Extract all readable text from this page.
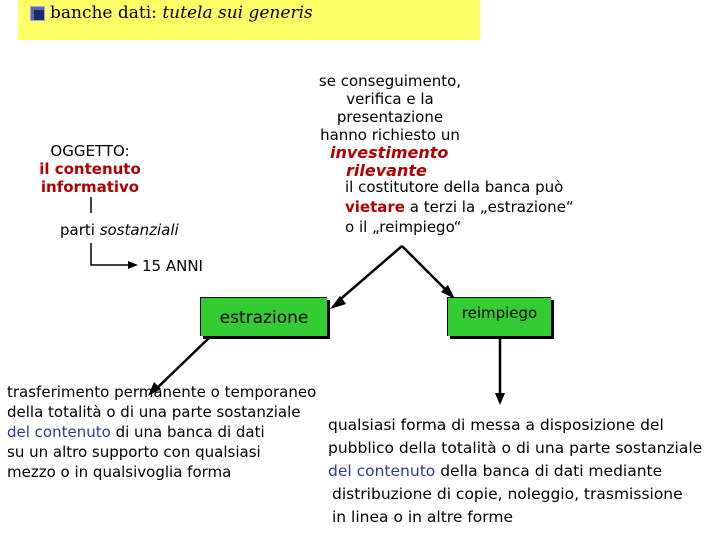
banche dati: tutela sui generis
OGGETTO:
il contenuto
informativo
parti sostanziali
15 ANNI
se conseguimento,
verifica e la
presentazione
hanno richiesto un
investimento
rilevante
il costitutore della banca può
vietare a terzi la „estrazione“
o il „reimpiego“
estrazione	reimpiego
trasferimento permanente o temporaneo
della totalità o di una parte sostanziale
del contenuto di una banca di dati
su un altro supporto con qualsiasi
mezzo o in qualsivoglia forma
qualsiasi forma di messa a disposizione del
pubblico della totalità o di una parte sostanziale
del contenuto della banca di dati mediante
distribuzione di copie, noleggio, trasmissione
in linea o in altre forme
